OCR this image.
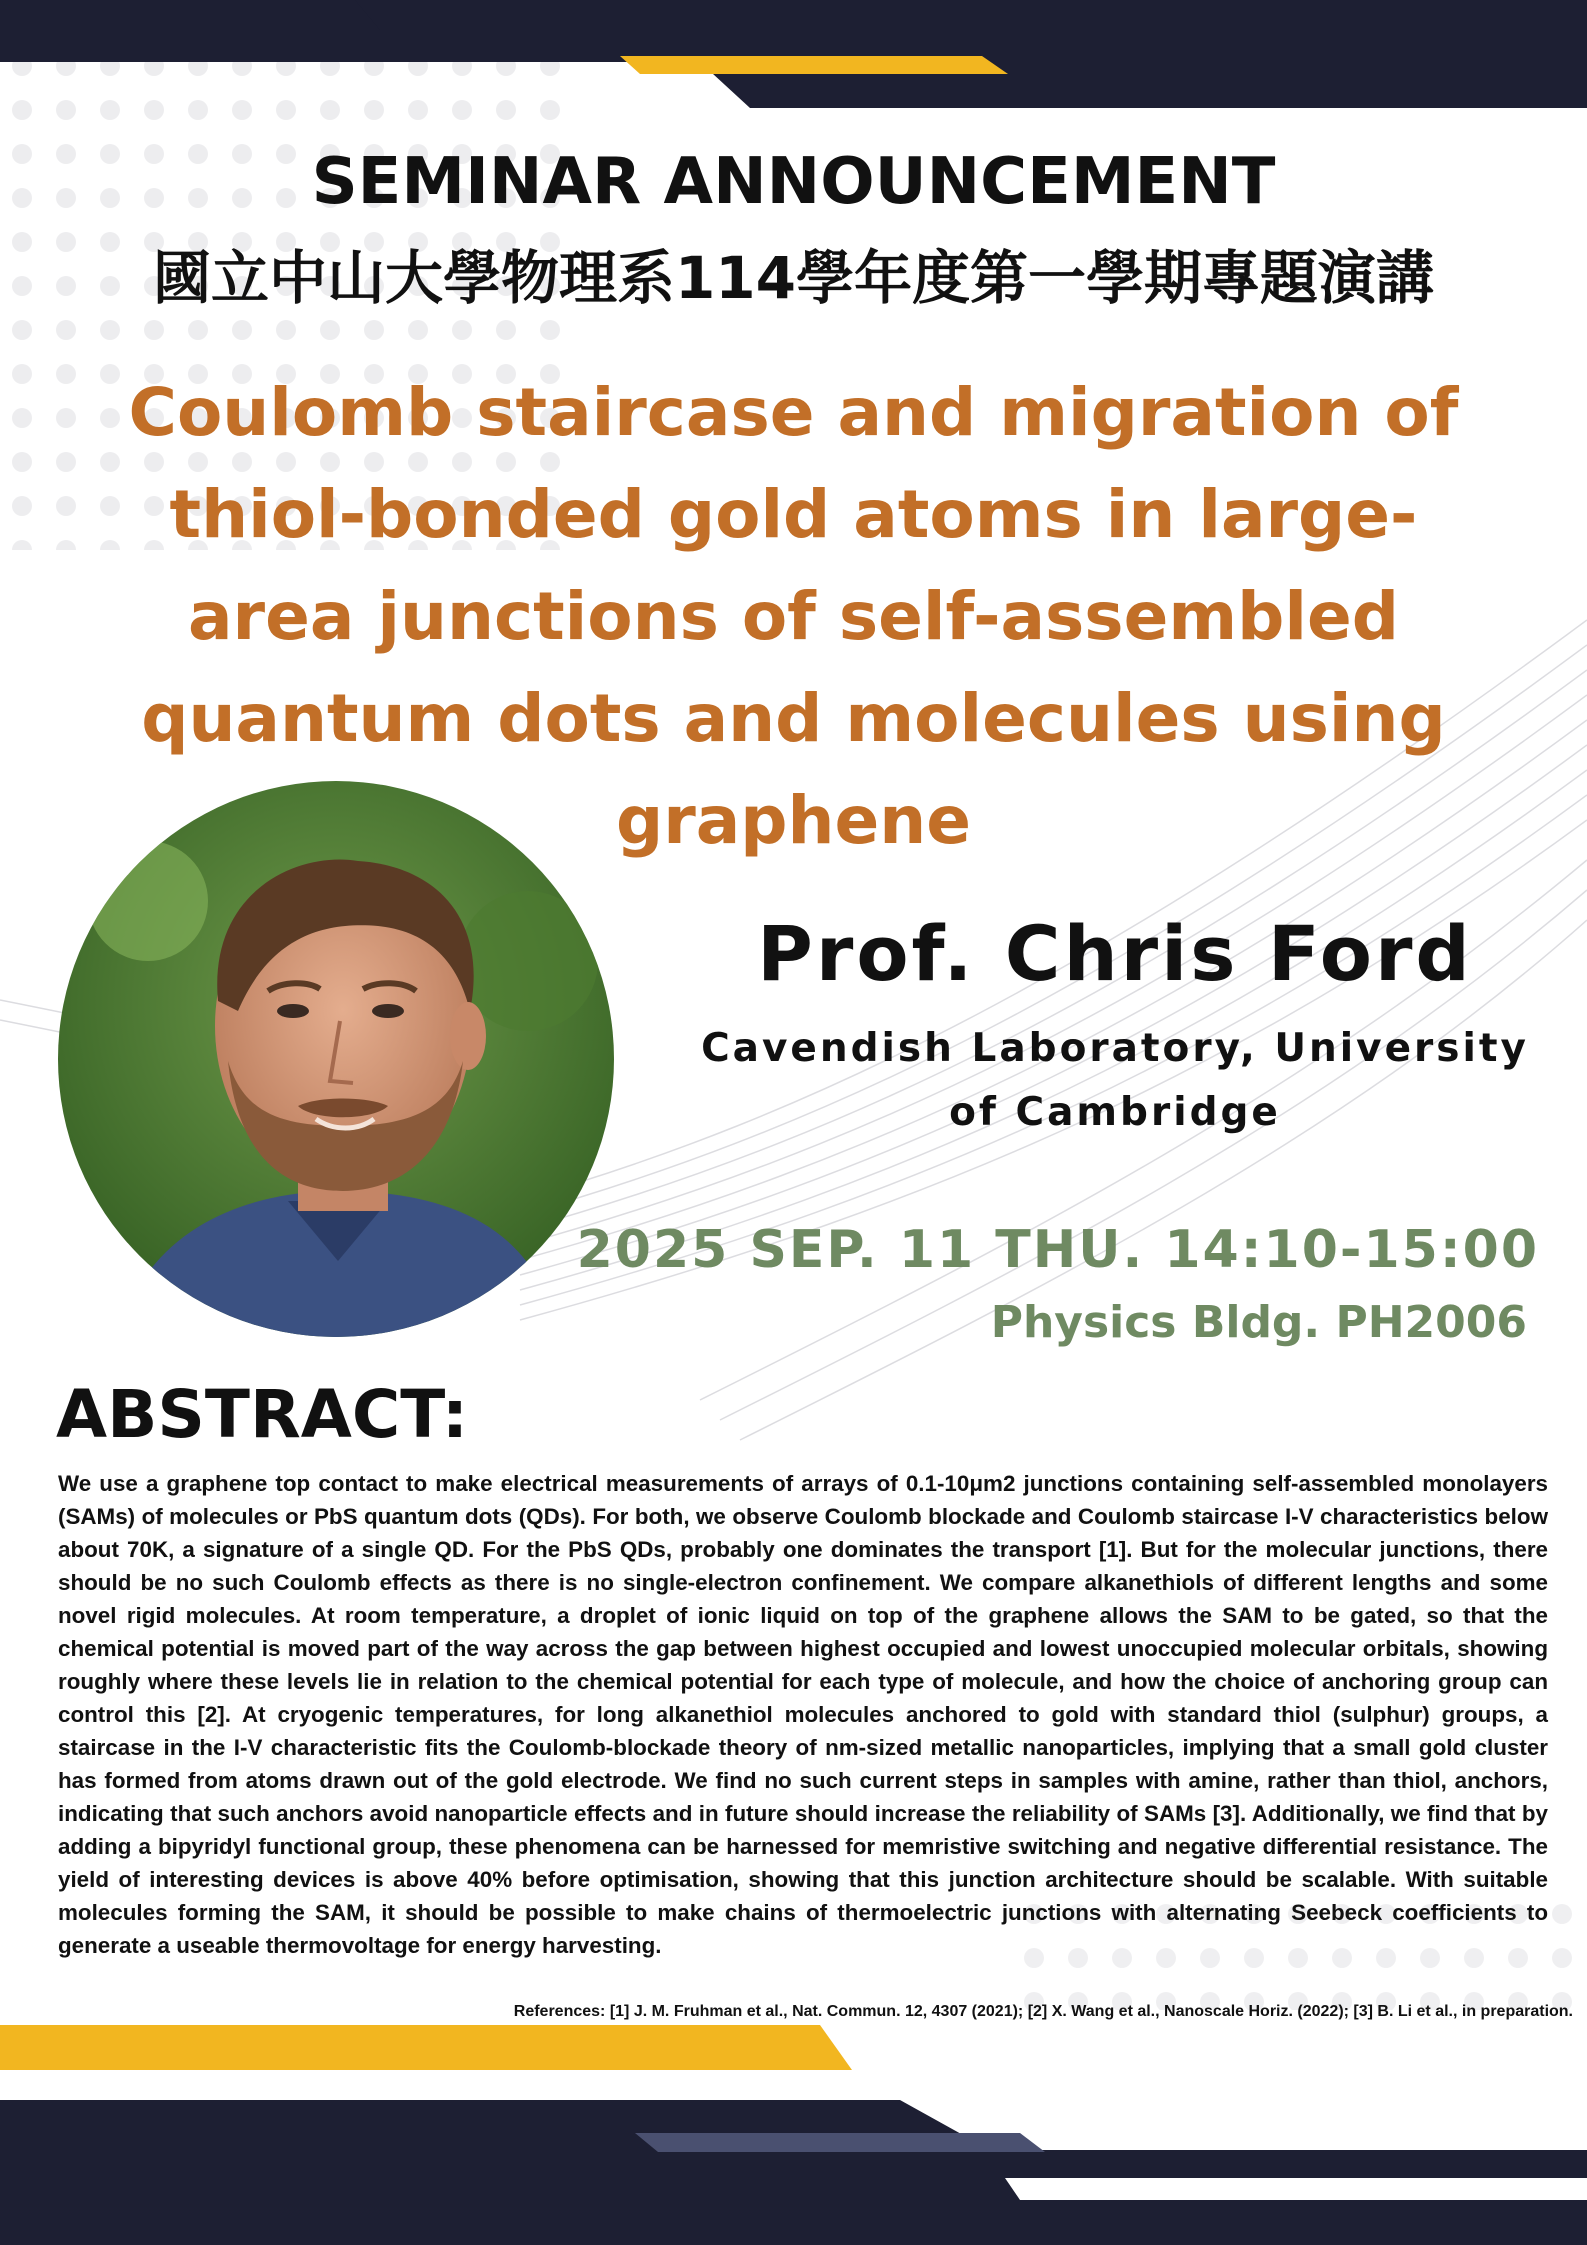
SEMINAR ANNOUNCEMENT
國立中山大學物理系114學年度第一學期專題演講
Coulomb staircase and migration of thiol-bonded gold atoms in large-area junctions of self-assembled quantum dots and molecules using graphene
Prof. Chris Ford
Cavendish Laboratory, University of Cambridge
2025 SEP. 11 THU. 14:10-15:00
Physics Bldg. PH2006
ABSTRACT:

We use a graphene top contact to make electrical measurements of arrays of 0.1-10μm2 junctions containing self-assembled monolayers (SAMs) of molecules or PbS quantum dots (QDs). For both, we observe Coulomb blockade and Coulomb staircase I-V characteristics below about 70K, a signature of a single QD. For the PbS QDs, probably one dominates the transport [1]. But for the molecular junctions, there should be no such Coulomb effects as there is no single-electron confinement. We compare alkanethiols of different lengths and some novel rigid molecules. At room temperature, a droplet of ionic liquid on top of the graphene allows the SAM to be gated, so that the chemical potential is moved part of the way across the gap between highest occupied and lowest unoccupied molecular orbitals, showing roughly where these levels lie in relation to the chemical potential for each type of molecule, and how the choice of anchoring group can control this [2]. At cryogenic temperatures, for long alkanethiol molecules anchored to gold with standard thiol (sulphur) groups, a staircase in the I-V characteristic fits the Coulomb-blockade theory of nm-sized metallic nanoparticles, implying that a small gold cluster has formed from atoms drawn out of the gold electrode. We find no such current steps in samples with amine, rather than thiol, anchors, indicating that such anchors avoid nanoparticle effects and in future should increase the reliability of SAMs [3]. Additionally, we find that by adding a bipyridyl functional group, these phenomena can be harnessed for memristive switching and negative differential resistance. The yield of interesting devices is above 40% before optimisation, showing that this junction architecture should be scalable. With suitable molecules forming the SAM, it should be possible to make chains of thermoelectric junctions with alternating Seebeck coefficients to generate a useable thermovoltage for energy harvesting.

References: [1] J. M. Fruhman et al., Nat. Commun. 12, 4307 (2021); [2] X. Wang et al., Nanoscale Horiz. (2022); [3] B. Li et al., in preparation.
